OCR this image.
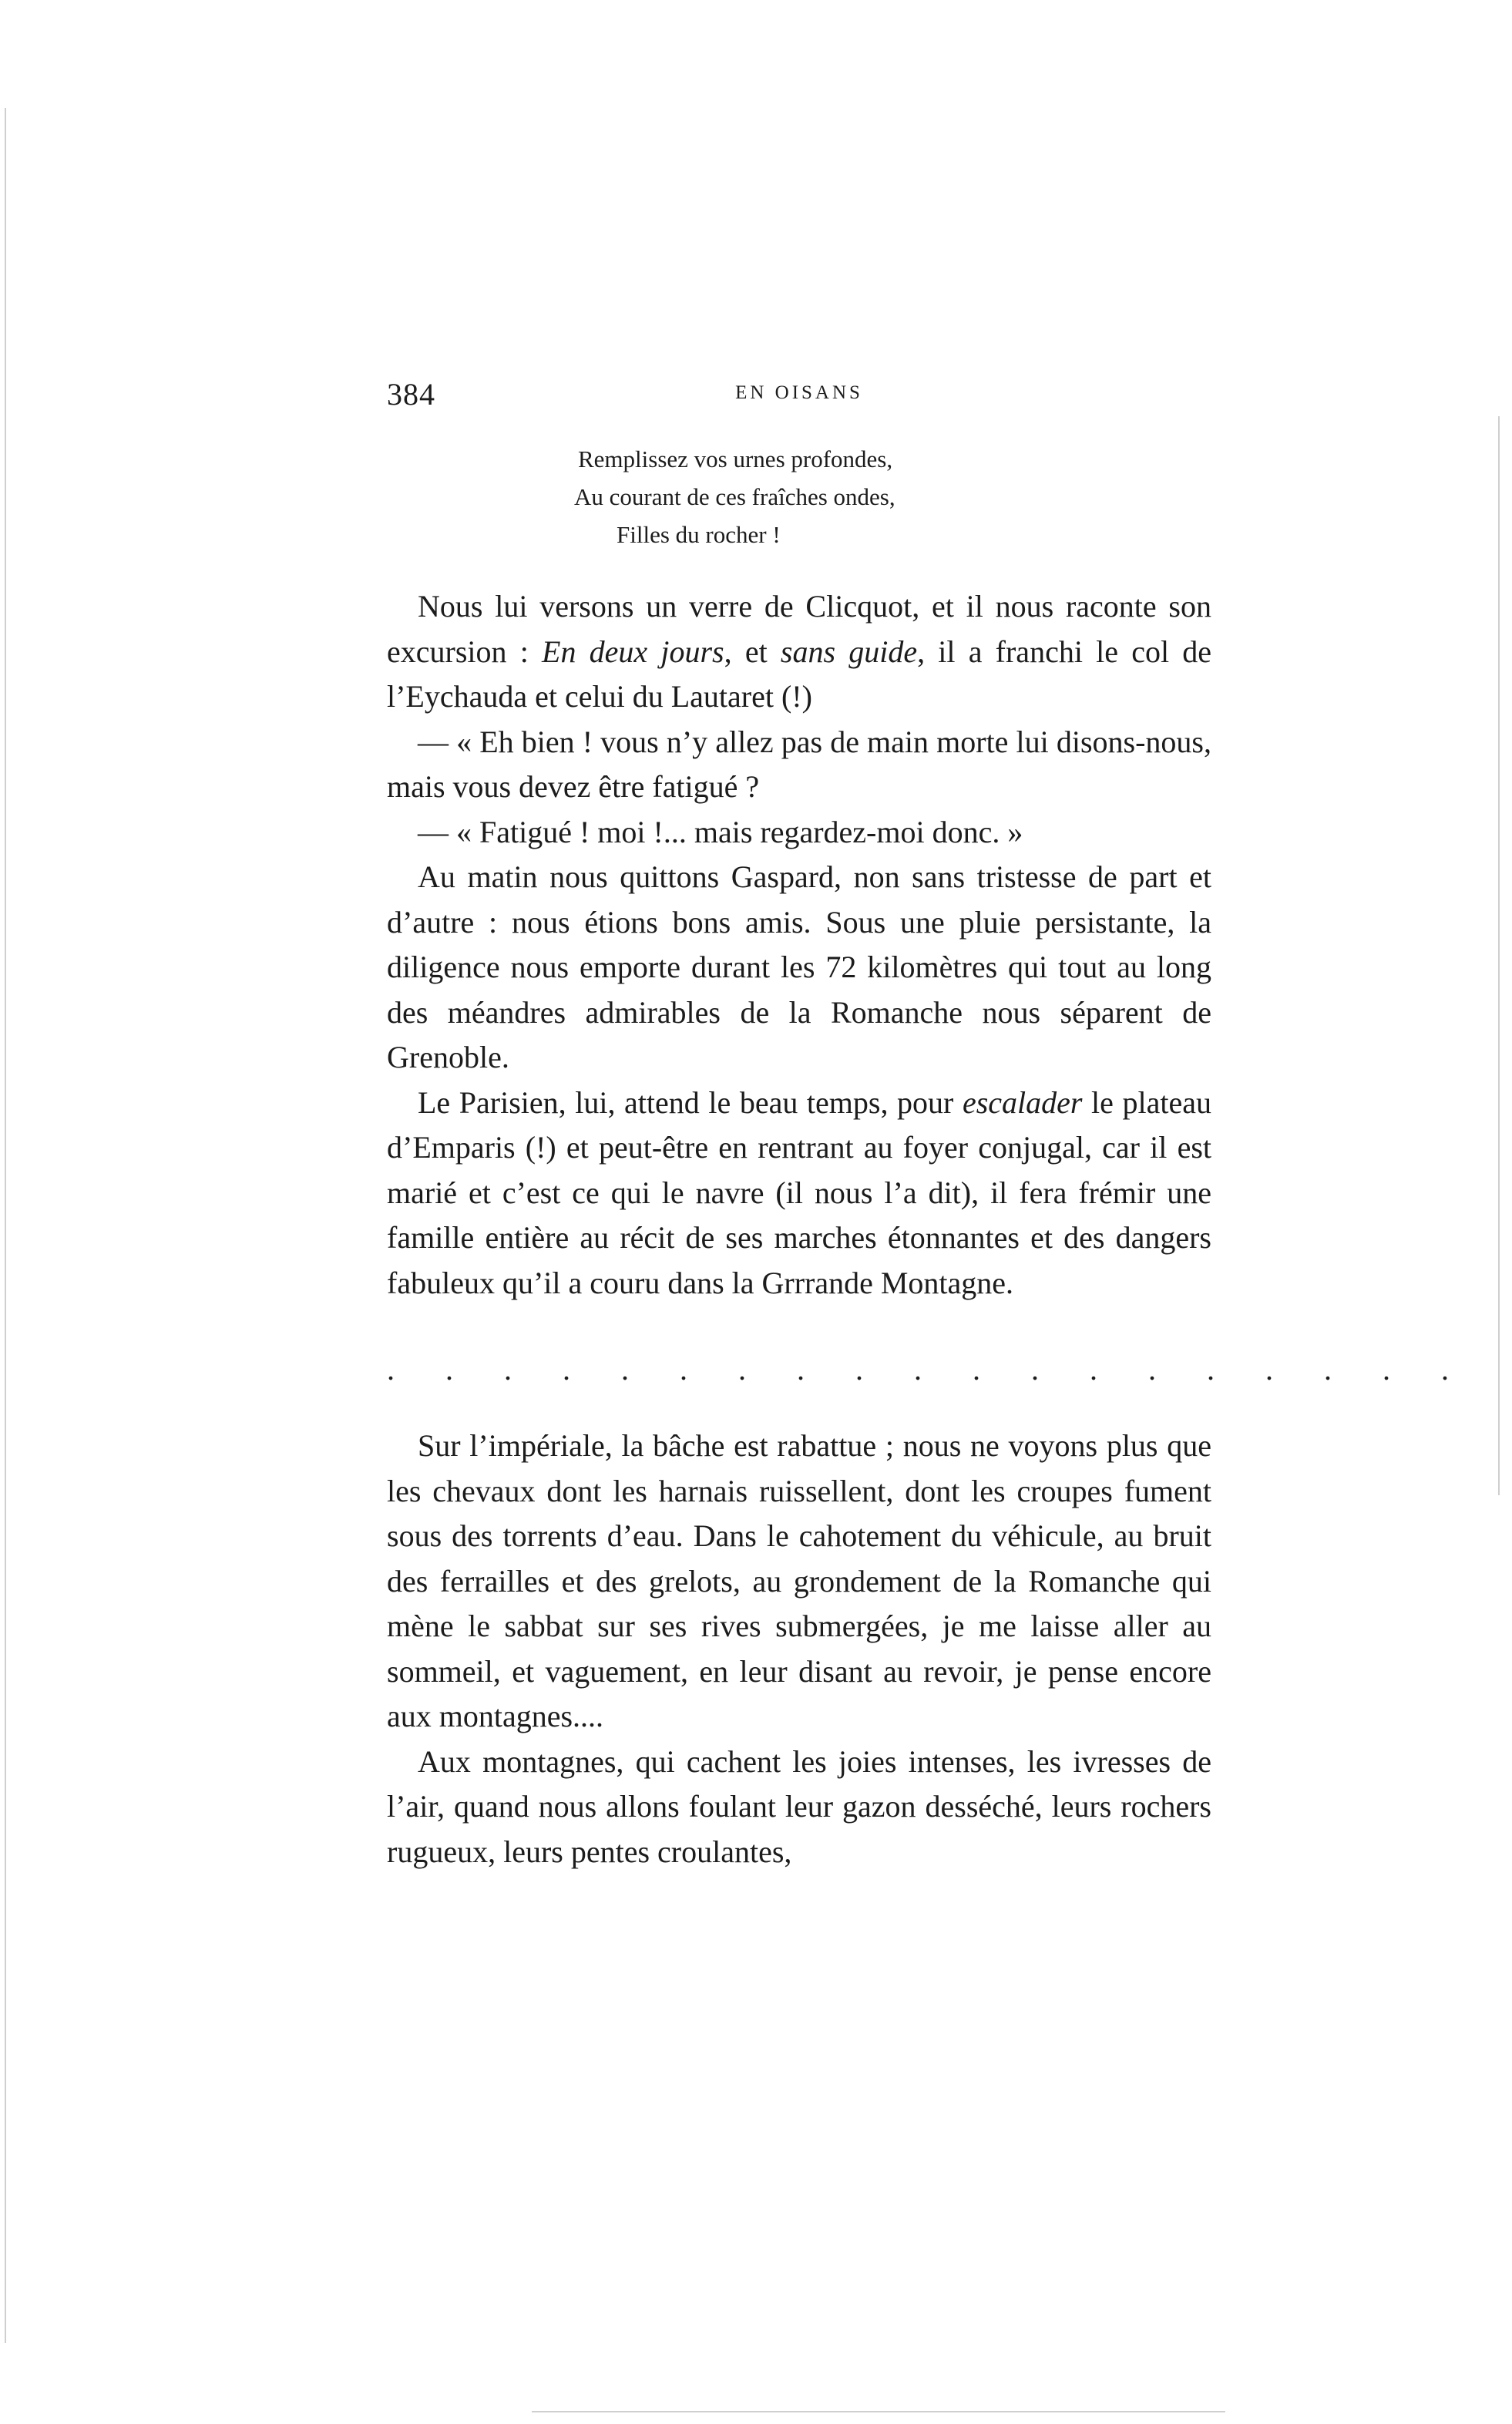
384	EN OISANS
Remplissez vos urnes profondes,
Au courant de ces fraîches ondes,
Filles du rocher !

Nous lui versons un verre de Clicquot, et il nous raconte son excursion : En deux jours, et sans guide, il a franchi le col de l’Eychauda et celui du Lautaret (!)

— « Eh bien ! vous n’y allez pas de main morte lui disons-nous, mais vous devez être fatigué ?

— « Fatigué ! moi !... mais regardez-moi donc. »

Au matin nous quittons Gaspard, non sans tristesse de part et d’autre : nous étions bons amis. Sous une pluie persistante, la diligence nous emporte durant les 72 kilomètres qui tout au long des méandres admirables de la Romanche nous séparent de Grenoble.

Le Parisien, lui, attend le beau temps, pour escalader le plateau d’Emparis (!) et peut-être en rentrant au foyer conjugal, car il est marié et c’est ce qui le navre (il nous l’a dit), il fera frémir une famille entière au récit de ses marches étonnantes et des dangers fabuleux qu’il a couru dans la Grrrande Montagne.

. . . . . . . . . . . . . . . . . . .

Sur l’impériale, la bâche est rabattue ; nous ne voyons plus que les chevaux dont les harnais ruissellent, dont les croupes fument sous des torrents d’eau. Dans le cahotement du véhicule, au bruit des ferrailles et des grelots, au grondement de la Romanche qui mène le sabbat sur ses rives submergées, je me laisse aller au sommeil, et vaguement, en leur disant au revoir, je pense encore aux montagnes....

Aux montagnes, qui cachent les joies intenses, les ivresses de l’air, quand nous allons foulant leur gazon desséché, leurs rochers rugueux, leurs pentes croulantes,
